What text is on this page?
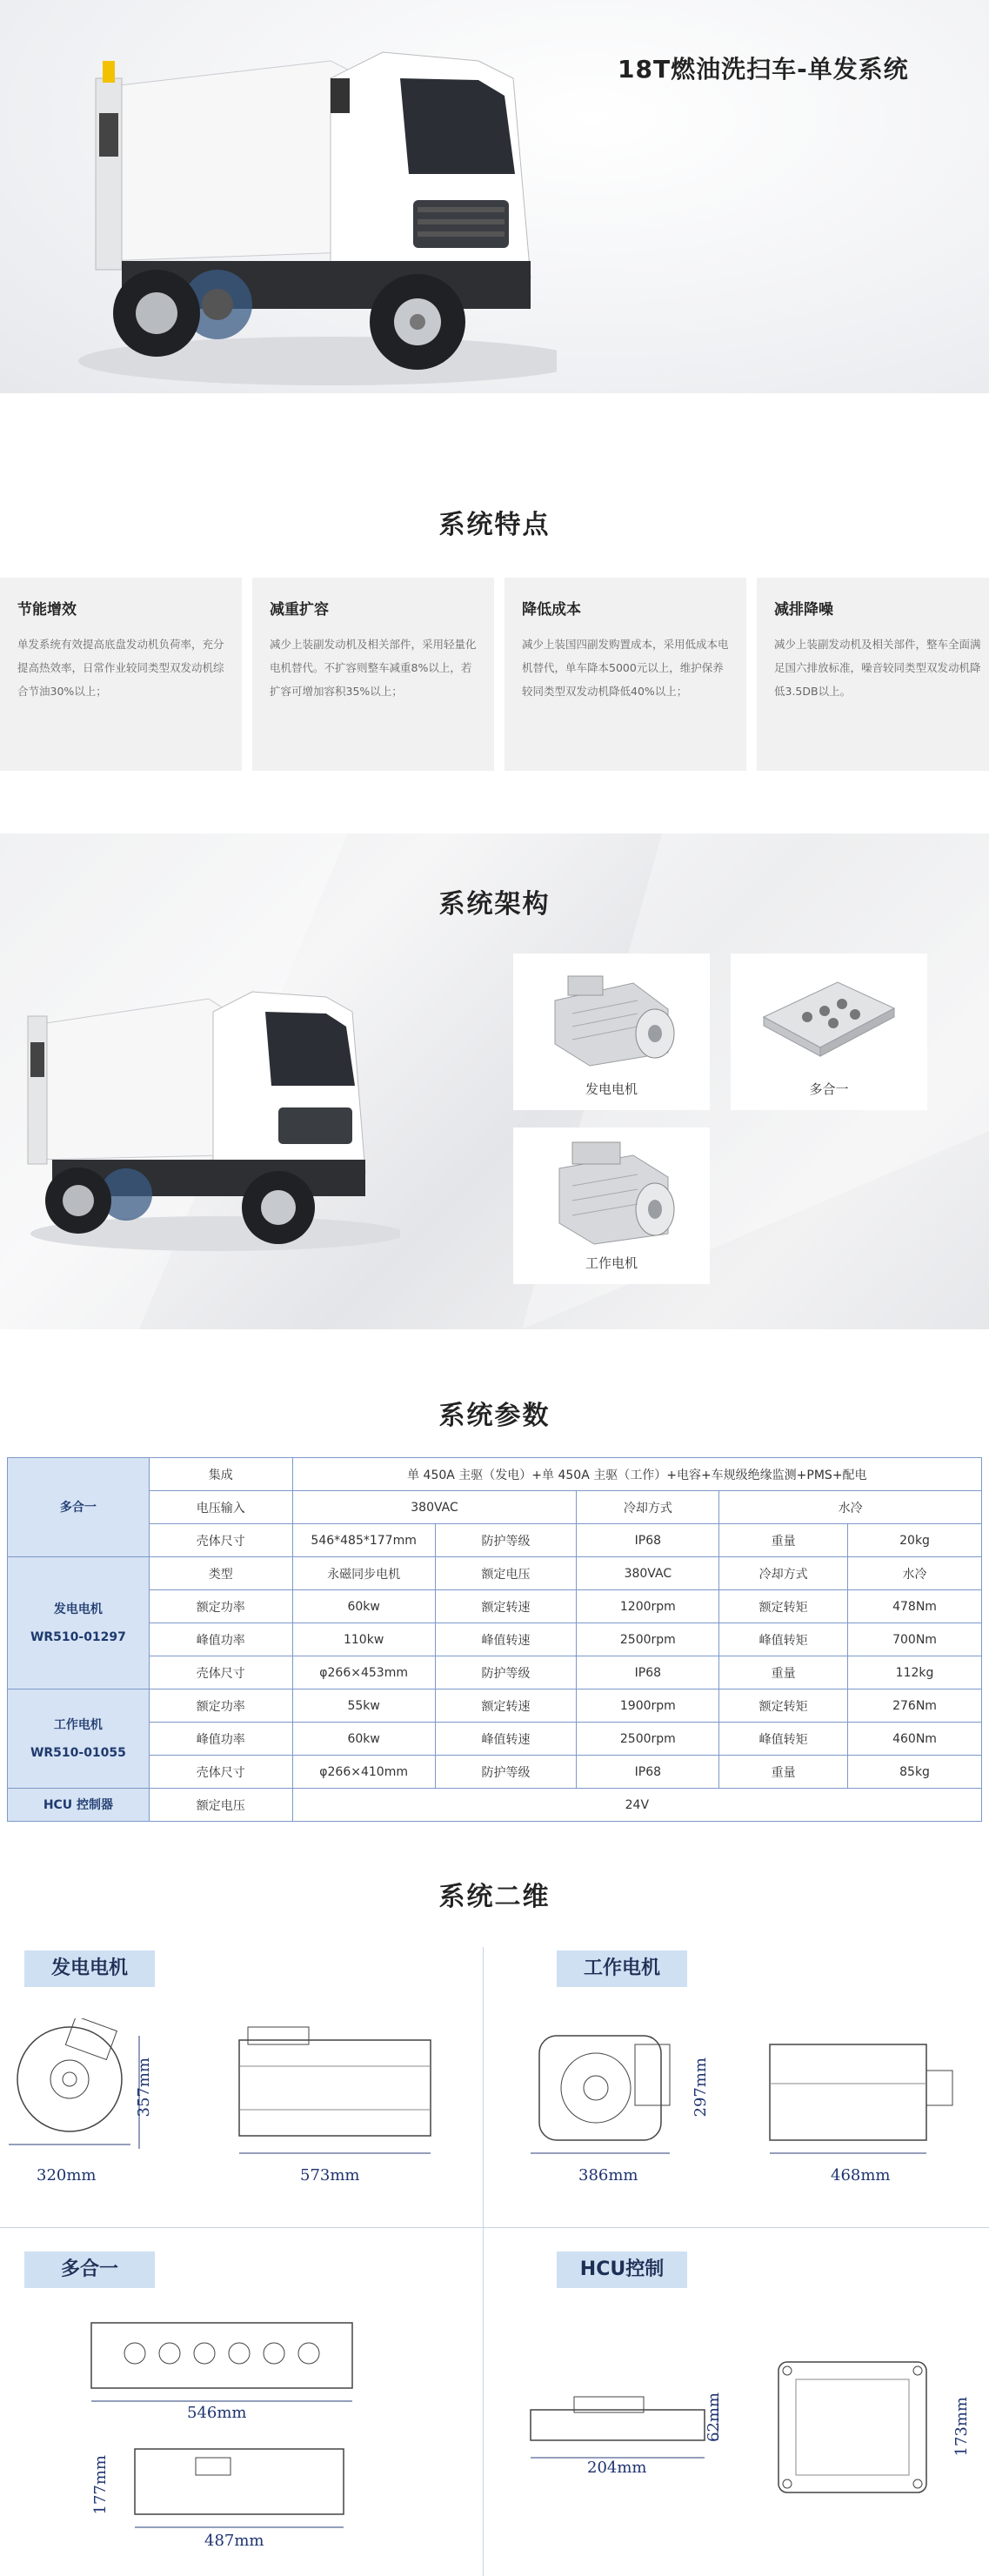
18T燃油洗扫车-单发系统
系统特点
节能增效

单发系统有效提高底盘发动机负荷率，充分提高热效率，日常作业较同类型双发动机综合节油30%以上；

减重扩容

减少上装副发动机及相关部件，采用轻量化电机替代。不扩容则整车减重8%以上，若扩容可增加容积35%以上；

降低成本

减少上装国四副发购置成本，采用低成本电机替代，单车降本5000元以上，维护保养较同类型双发动机降低40%以上；

减排降噪

减少上装副发动机及相关部件，整车全面满足国六排放标准，噪音较同类型双发动机降低3.5DB以上。

系统架构
发电电机	多合一
工作电机
系统参数
多合一	集成	单 450A 主驱（发电）+单 450A 主驱（工作）+电容+车规级绝缘监测+PMS+配电				
	电压输入	380VAC		冷却方式	水冷	
	壳体尺寸	546*485*177mm	防护等级	IP68	重量	20kg

发电电机
WR510-01297	类型	永磁同步电机	额定电压	380VAC	冷却方式	水冷
	额定功率	60kw	额定转速	1200rpm	额定转矩	478Nm
	峰值功率	110kw	峰值转速	2500rpm	峰值转矩	700Nm
	壳体尺寸	φ266×453mm	防护等级	IP68	重量	112kg

工作电机
WR510-01055	额定功率	55kw	额定转速	1900rpm	额定转矩	276Nm
	峰值功率	60kw	峰值转速	2500rpm	峰值转矩	460Nm
	壳体尺寸	φ266×410mm	防护等级	IP68	重量	85kg
HCU 控制器	额定电压	24V				
系统二维
发电电机
357mm
320mm	573mm
工作电机
297mm
386mm	468mm
多合一
546mm
177mm
487mm
HCU控制
62mm
204mm
173mm
